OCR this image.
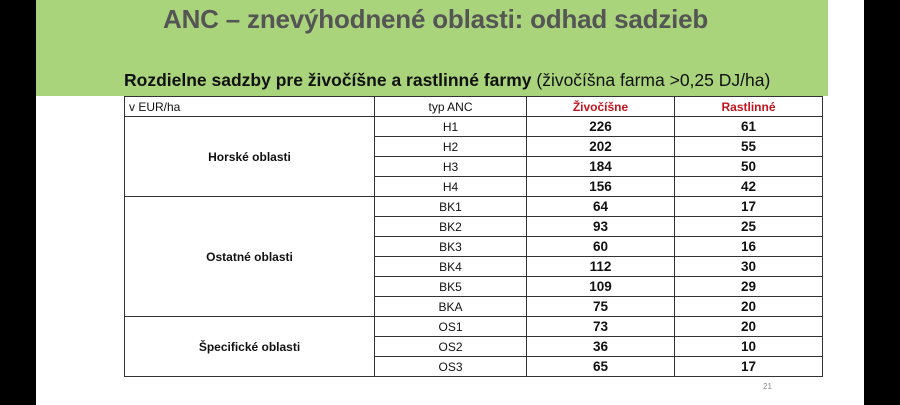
ANC – znevýhodnené oblasti: odhad sadzieb
Rozdielne sadzby pre živočíšne a rastlinné farmy (živočíšna farma >0,25 DJ/ha)
v EUR/ha	typ ANC	Živočíšne	Rastlinné
Horské oblasti	H1	226	61
	H2	202	55
	H3	184	50
	H4	156	42
Ostatné oblasti	BK1	64	17
	BK2	93	25
	BK3	60	16
	BK4	112	30
	BK5	109	29
	BKA	75	20
Špecifické oblasti	OS1	73	20
	OS2	36	10
	OS3	65	17
21
